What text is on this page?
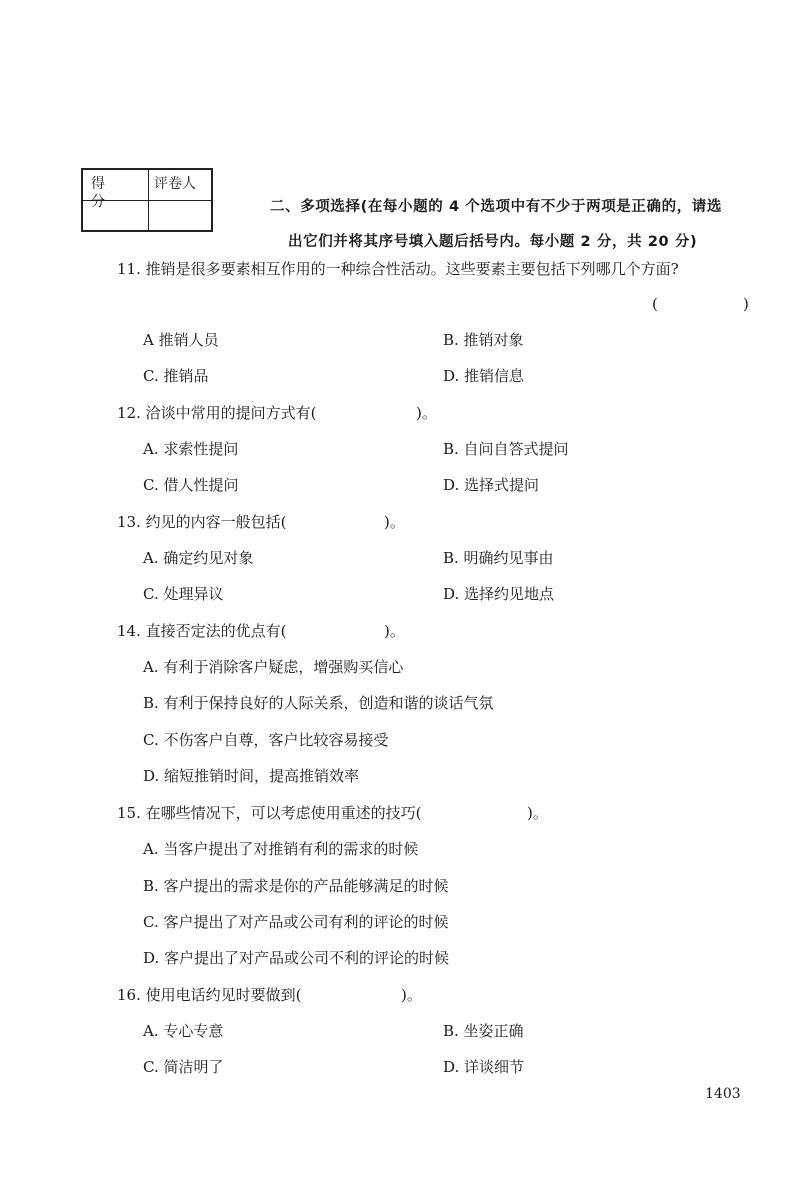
得 分
评卷人
二、多项选择(在每小题的 4 个选项中有不少于两项是正确的，请选
出它们并将其序号填入题后括号内。每小题 2 分，共 20 分)
11. 推销是很多要素相互作用的一种综合性活动。这些要素主要包括下列哪几个方面?
(	)
A 推销人员	B. 推销对象
C. 推销品	D. 推销信息
12. 洽谈中常用的提问方式有(	)。
A. 求索性提问	B. 自问自答式提问
C. 借人性提问	D. 选择式提问
13. 约见的内容一般包括(	)。
A. 确定约见对象	B. 明确约见事由
C. 处理异议	D. 选择约见地点
14. 直接否定法的优点有(	)。
A. 有利于消除客户疑虑，增强购买信心
B. 有利于保持良好的人际关系，创造和谐的谈话气氛
C. 不伤客户自尊，客户比较容易接受
D. 缩短推销时间，提高推销效率
15. 在哪些情况下，可以考虑使用重述的技巧(	)。
A. 当客户提出了对推销有利的需求的时候
B. 客户提出的需求是你的产品能够满足的时候
C. 客户提出了对产品或公司有利的评论的时候
D. 客户提出了对产品或公司不利的评论的时候
16. 使用电话约见时要做到(	)。
A. 专心专意	B. 坐姿正确
C. 简洁明了	D. 详谈细节
1403
